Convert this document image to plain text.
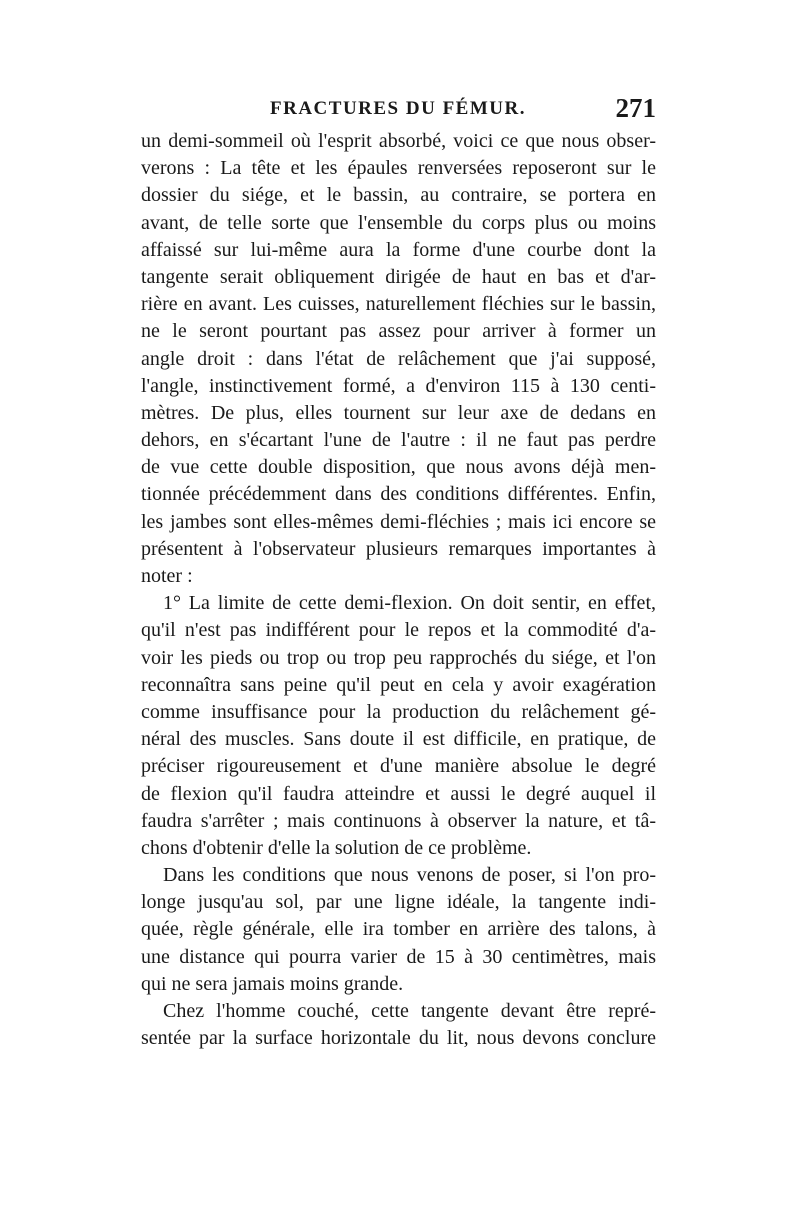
FRACTURES DU FÉMUR.	271
un demi-sommeil où l'esprit absorbé, voici ce que nous obser-
verons : La tête et les épaules renversées reposeront sur le
dossier du siége, et le bassin, au contraire, se portera en
avant, de telle sorte que l'ensemble du corps plus ou moins
affaissé sur lui-même aura la forme d'une courbe dont la
tangente serait obliquement dirigée de haut en bas et d'ar-
rière en avant. Les cuisses, naturellement fléchies sur le bassin,
ne le seront pourtant pas assez pour arriver à former un
angle droit : dans l'état de relâchement que j'ai supposé,
l'angle, instinctivement formé, a d'environ 115 à 130 centi-
mètres. De plus, elles tournent sur leur axe de dedans en
dehors, en s'écartant l'une de l'autre : il ne faut pas perdre
de vue cette double disposition, que nous avons déjà men-
tionnée précédemment dans des conditions différentes. Enfin,
les jambes sont elles-mêmes demi-fléchies ; mais ici encore se
présentent à l'observateur plusieurs remarques importantes à
noter :
1° La limite de cette demi-flexion. On doit sentir, en effet,
qu'il n'est pas indifférent pour le repos et la commodité d'a-
voir les pieds ou trop ou trop peu rapprochés du siége, et l'on
reconnaîtra sans peine qu'il peut en cela y avoir exagération
comme insuffisance pour la production du relâchement gé-
néral des muscles. Sans doute il est difficile, en pratique, de
préciser rigoureusement et d'une manière absolue le degré
de flexion qu'il faudra atteindre et aussi le degré auquel il
faudra s'arrêter ; mais continuons à observer la nature, et tâ-
chons d'obtenir d'elle la solution de ce problème.
Dans les conditions que nous venons de poser, si l'on pro-
longe jusqu'au sol, par une ligne idéale, la tangente indi-
quée, règle générale, elle ira tomber en arrière des talons, à
une distance qui pourra varier de 15 à 30 centimètres, mais
qui ne sera jamais moins grande.
Chez l'homme couché, cette tangente devant être repré-
sentée par la surface horizontale du lit, nous devons conclure
